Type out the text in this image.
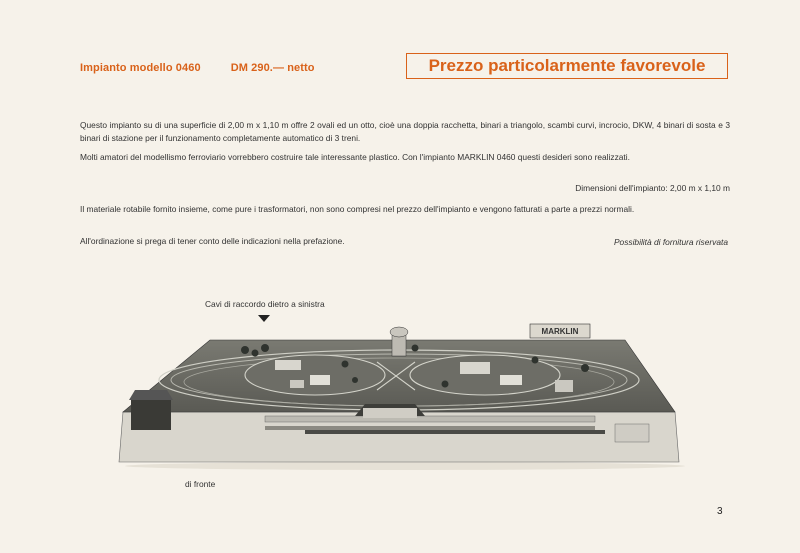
Impianto modello 0460	DM 290.— netto	Prezzo particolarmente favorevole
Questo impianto su di una superficie di 2,00 m x 1,10 m offre 2 ovali ed un otto, cioè una doppia racchetta, binari a triangolo, scambi curvi, incrocio, DKW, 4 binari di sosta e 3 binari di stazione per il funzionamento completamente automatico di 3 treni.
Molti amatori del modellismo ferroviario vorrebbero costruire tale interessante plastico. Con l'impianto MARKLIN 0460 questi desideri sono realizzati.
Dimensioni dell'impianto: 2,00 m x 1,10 m
Il materiale rotabile fornito insieme, come pure i trasformatori, non sono compresi nel prezzo dell'impianto e vengono fatturati a parte a prezzi normali.
All'ordinazione si prega di tener conto delle indicazioni nella prefazione.	Possibilità di fornitura riservata
Cavi di raccordo dietro a sinistra
MARKLIN
di fronte
3
